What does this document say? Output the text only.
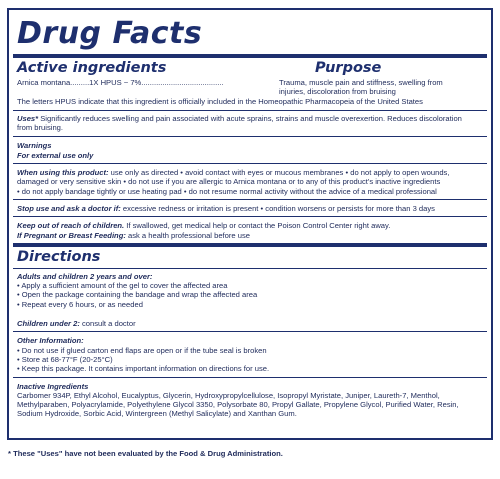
Drug Facts
Active ingredients	Purpose
Arnica montana.........1X HPUS ~ 7%.......................................	Trauma, muscle pain and stiffness, swelling from
injuries, discoloration from bruising
The letters HPUS indicate that this ingredient is officially included in the Homeopathic Pharmacopeia of the United States
Uses* Significantly reduces swelling and pain associated with acute sprains, strains and muscle overexertion. Reduces discoloration
from bruising.
Warnings
For external use only
When using this product: use only as directed • avoid contact with eyes or mucous membranes • do not apply to open wounds,
damaged or very sensitive skin • do not use if you are allergic to Arnica montana or to any of this product's inactive ingredients
• do not apply bandage tightly or use heating pad • do not resume normal activity without the advice of a medical professional
Stop use and ask a doctor if: excessive redness or irritation is present • condition worsens or persists for more than 3 days
Keep out of reach of children. If swallowed, get medical help or contact the Poison Control Center right away.
If Pregnant or Breast Feeding: ask a health professional before use
Directions
Adults and children 2 years and over:
• Apply a sufficient amount of the gel to cover the affected area
• Open the package containing the bandage and wrap the affected area
• Repeat every 6 hours, or as needed
Children under 2: consult a doctor
Other Information:
• Do not use if glued carton end flaps are open or if the tube seal is broken
• Store at 68-77°F (20-25°C)
• Keep this package. It contains important information on directions for use.
Inactive Ingredients
Carbomer 934P, Ethyl Alcohol, Eucalyptus, Glycerin, Hydroxypropylcellulose, Isopropyl Myristate, Juniper, Laureth-7, Menthol,
Methylparaben, Polyacrylamide, Polyethylene Glycol 3350, Polysorbate 80, Propyl Gallate, Propylene Glycol, Purified Water, Resin,
Sodium Hydroxide, Sorbic Acid, Wintergreen (Methyl Salicylate) and Xanthan Gum.
* These "Uses" have not been evaluated by the Food & Drug Administration.
